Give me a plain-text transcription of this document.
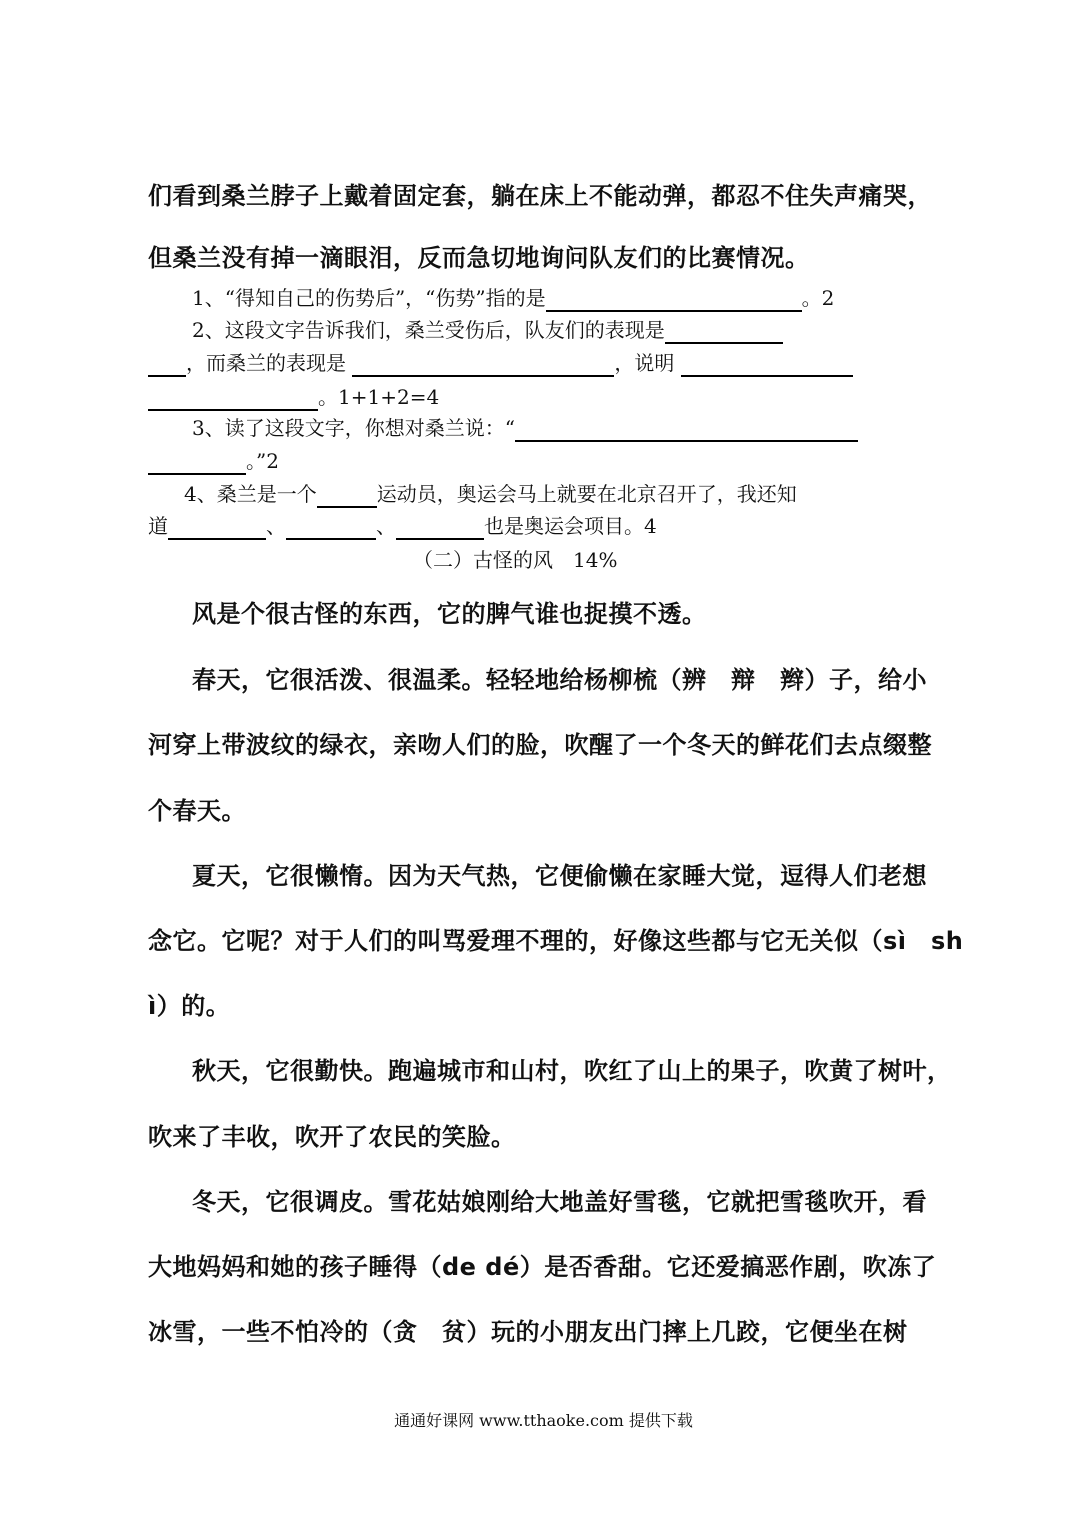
们看到桑兰脖子上戴着固定套，躺在床上不能动弹，都忍不住失声痛哭，
但桑兰没有掉一滴眼泪，反而急切地询问队友们的比赛情况。
1、“得知自己的伤势后”，“伤势”指的是	。2
2、这段文字告诉我们，桑兰受伤后，队友们的表现是
，而桑兰的表现是	，说明
。1+1+2=4
3、读了这段文字，你想对桑兰说：“
。”2
4、桑兰是一个	运动员，奥运会马上就要在北京召开了，我还知
道	、	、	也是奥运会项目。4
（二）古怪的风　14%
风是个很古怪的东西，它的脾气谁也捉摸不透。
春天，它很活泼、很温柔。轻轻地给杨柳梳（辨　辩　辫）子，给小
河穿上带波纹的绿衣，亲吻人们的脸，吹醒了一个冬天的鲜花们去点缀整
个春天。
夏天，它很懒惰。因为天气热，它便偷懒在家睡大觉，逗得人们老想
念它。它呢？对于人们的叫骂爱理不理的，好像这些都与它无关似（sì　sh
ì）的。
秋天，它很勤快。跑遍城市和山村，吹红了山上的果子，吹黄了树叶，
吹来了丰收，吹开了农民的笑脸。
冬天，它很调皮。雪花姑娘刚给大地盖好雪毯，它就把雪毯吹开，看
大地妈妈和她的孩子睡得（de dé）是否香甜。它还爱搞恶作剧，吹冻了
冰雪，一些不怕冷的（贪　贫）玩的小朋友出门摔上几跤，它便坐在树
通通好课网 www.tthaoke.com 提供下载
